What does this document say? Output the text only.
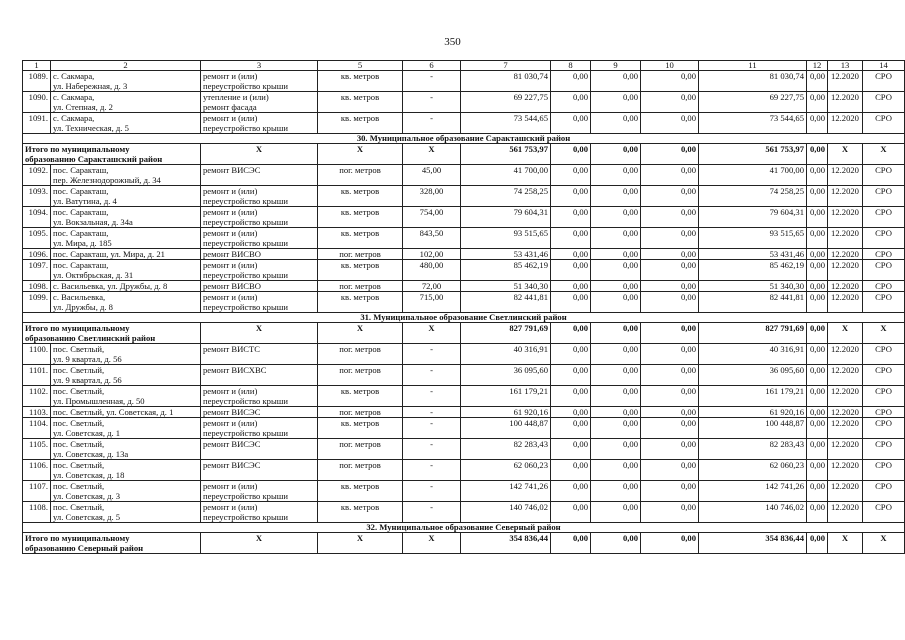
350
1	2	3	5	6	7	8	9	10	11	12	13	14
1089.	с. Сакмара,
ул. Набережная, д. 3	ремонт и (или)
переустройство крыши	кв. метров	-	81 030,74	0,00	0,00	0,00	81 030,74	0,00	12.2020	СРО
1090.	с. Сакмара,
ул. Степная, д. 2	утепление и (или)
ремонт фасада	кв. метров	-	69 227,75	0,00	0,00	0,00	69 227,75	0,00	12.2020	СРО
1091.	с. Сакмара,
ул. Техническая, д. 5	ремонт и (или)
переустройство крыши	кв. метров	-	73 544,65	0,00	0,00	0,00	73 544,65	0,00	12.2020	СРО
30. Муниципальное образование Саракташский район												

Итого по муниципальному
образованию Саракташский район		X	X	X	561 753,97	0,00	0,00	0,00	561 753,97	0,00	X	X
1092.	пос. Саракташ,
пер. Железнодорожный, д. 34	ремонт ВИСЭС	пог. метров	45,00	41 700,00	0,00	0,00	0,00	41 700,00	0,00	12.2020	СРО
1093.	пос. Саракташ,
ул. Ватутина, д. 4	ремонт и (или)
переустройство крыши	кв. метров	328,00	74 258,25	0,00	0,00	0,00	74 258,25	0,00	12.2020	СРО
1094.	пос. Саракташ,
ул. Вокзальная, д. 34а	ремонт и (или)
переустройство крыши	кв. метров	754,00	79 604,31	0,00	0,00	0,00	79 604,31	0,00	12.2020	СРО
1095.	пос. Саракташ,
ул. Мира, д. 185	ремонт и (или)
переустройство крыши	кв. метров	843,50	93 515,65	0,00	0,00	0,00	93 515,65	0,00	12.2020	СРО
1096.	пос. Саракташ, ул. Мира, д. 21	ремонт ВИСВО	пог. метров	102,00	53 431,46	0,00	0,00	0,00	53 431,46	0,00	12.2020	СРО
1097.	пос. Саракташ,
ул. Октябрьская, д. 31	ремонт и (или)
переустройство крыши	кв. метров	480,00	85 462,19	0,00	0,00	0,00	85 462,19	0,00	12.2020	СРО
1098.	с. Васильевка, ул. Дружбы, д. 8	ремонт ВИСВО	пог. метров	72,00	51 340,30	0,00	0,00	0,00	51 340,30	0,00	12.2020	СРО
1099.	с. Васильевка,
ул. Дружбы, д. 8	ремонт и (или)
переустройство крыши	кв. метров	715,00	82 441,81	0,00	0,00	0,00	82 441,81	0,00	12.2020	СРО
31. Муниципальное образование Светлинский район												

Итого по муниципальному
образованию Светлинский район		X	X	X	827 791,69	0,00	0,00	0,00	827 791,69	0,00	X	X
1100.	пос. Светлый,
ул. 9 квартал, д. 56	ремонт ВИСТС	пог. метров	-	40 316,91	0,00	0,00	0,00	40 316,91	0,00	12.2020	СРО
1101.	пос. Светлый,
ул. 9 квартал, д. 56	ремонт ВИСХВС	пог. метров	-	36 095,60	0,00	0,00	0,00	36 095,60	0,00	12.2020	СРО
1102.	пос. Светлый,
ул. Промышленная, д. 50	ремонт и (или)
переустройство крыши	кв. метров	-	161 179,21	0,00	0,00	0,00	161 179,21	0,00	12.2020	СРО
1103.	пос. Светлый, ул. Советская, д. 1	ремонт ВИСЭС	пог. метров	-	61 920,16	0,00	0,00	0,00	61 920,16	0,00	12.2020	СРО
1104.	пос. Светлый,
ул. Советская, д. 1	ремонт и (или)
переустройство крыши	кв. метров	-	100 448,87	0,00	0,00	0,00	100 448,87	0,00	12.2020	СРО
1105.	пос. Светлый,
ул. Советская, д. 13а	ремонт ВИСЭС	пог. метров	-	82 283,43	0,00	0,00	0,00	82 283,43	0,00	12.2020	СРО
1106.	пос. Светлый,
ул. Советская, д. 18	ремонт ВИСЭС	пог. метров	-	62 060,23	0,00	0,00	0,00	62 060,23	0,00	12.2020	СРО
1107.	пос. Светлый,
ул. Советская, д. 3	ремонт и (или)
переустройство крыши	кв. метров	-	142 741,26	0,00	0,00	0,00	142 741,26	0,00	12.2020	СРО
1108.	пос. Светлый,
ул. Советская, д. 5	ремонт и (или)
переустройство крыши	кв. метров	-	140 746,02	0,00	0,00	0,00	140 746,02	0,00	12.2020	СРО
32. Муниципальное образование Северный район												

Итого по муниципальному
образованию Северный район		X	X	X	354 836,44	0,00	0,00	0,00	354 836,44	0,00	X	X
